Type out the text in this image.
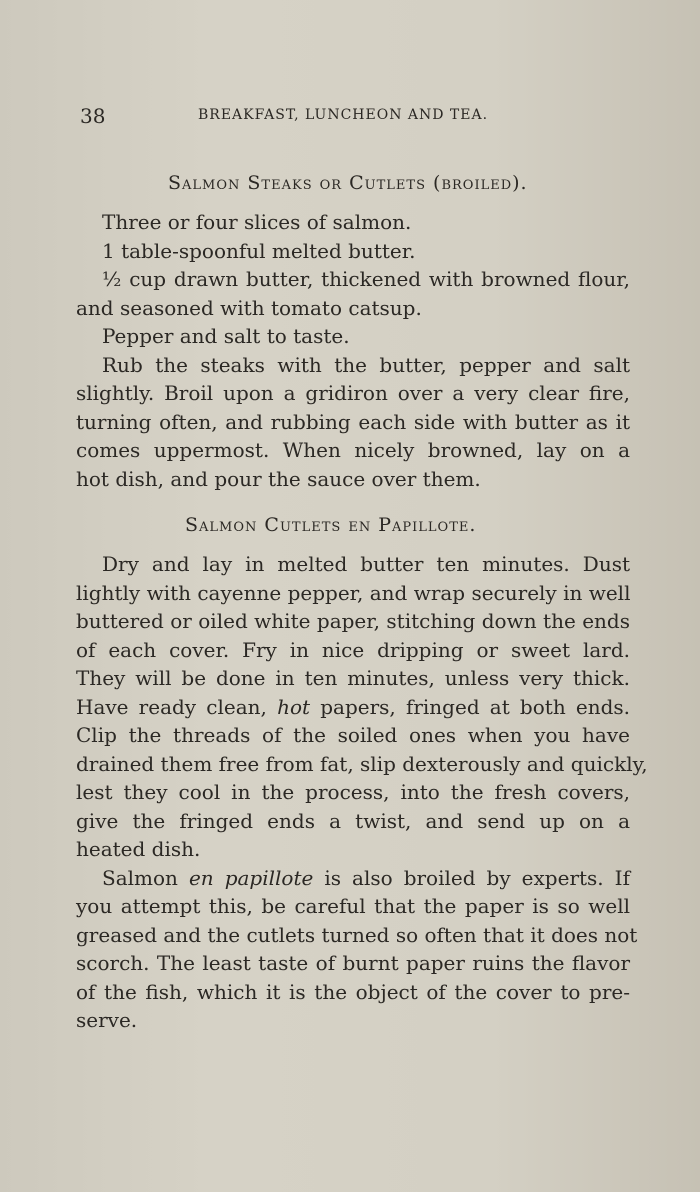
38	BREAKFAST, LUNCHEON AND TEA.
Salmon Steaks or Cutlets (broiled).
Three or four slices of salmon.
1 table-spoonful melted butter.
½ cup drawn butter, thickened with browned flour,
and seasoned with tomato catsup.
Pepper and salt to taste.
Rub the steaks with the butter, pepper and salt
slightly. Broil upon a gridiron over a very clear fire,
turning often, and rubbing each side with butter as it
comes uppermost. When nicely browned, lay on a
hot dish, and pour the sauce over them.
Salmon Cutlets en Papillote.
Dry and lay in melted butter ten minutes. Dust
lightly with cayenne pepper, and wrap securely in well
buttered or oiled white paper, stitching down the ends
of each cover. Fry in nice dripping or sweet lard.
They will be done in ten minutes, unless very thick.
Have ready clean, hot papers, fringed at both ends.
Clip the threads of the soiled ones when you have
drained them free from fat, slip dexterously and quickly,
lest they cool in the process, into the fresh covers,
give the fringed ends a twist, and send up on a
heated dish.
Salmon en papillote is also broiled by experts. If
you attempt this, be careful that the paper is so well
greased and the cutlets turned so often that it does not
scorch. The least taste of burnt paper ruins the flavor
of the fish, which it is the object of the cover to pre-
serve.
